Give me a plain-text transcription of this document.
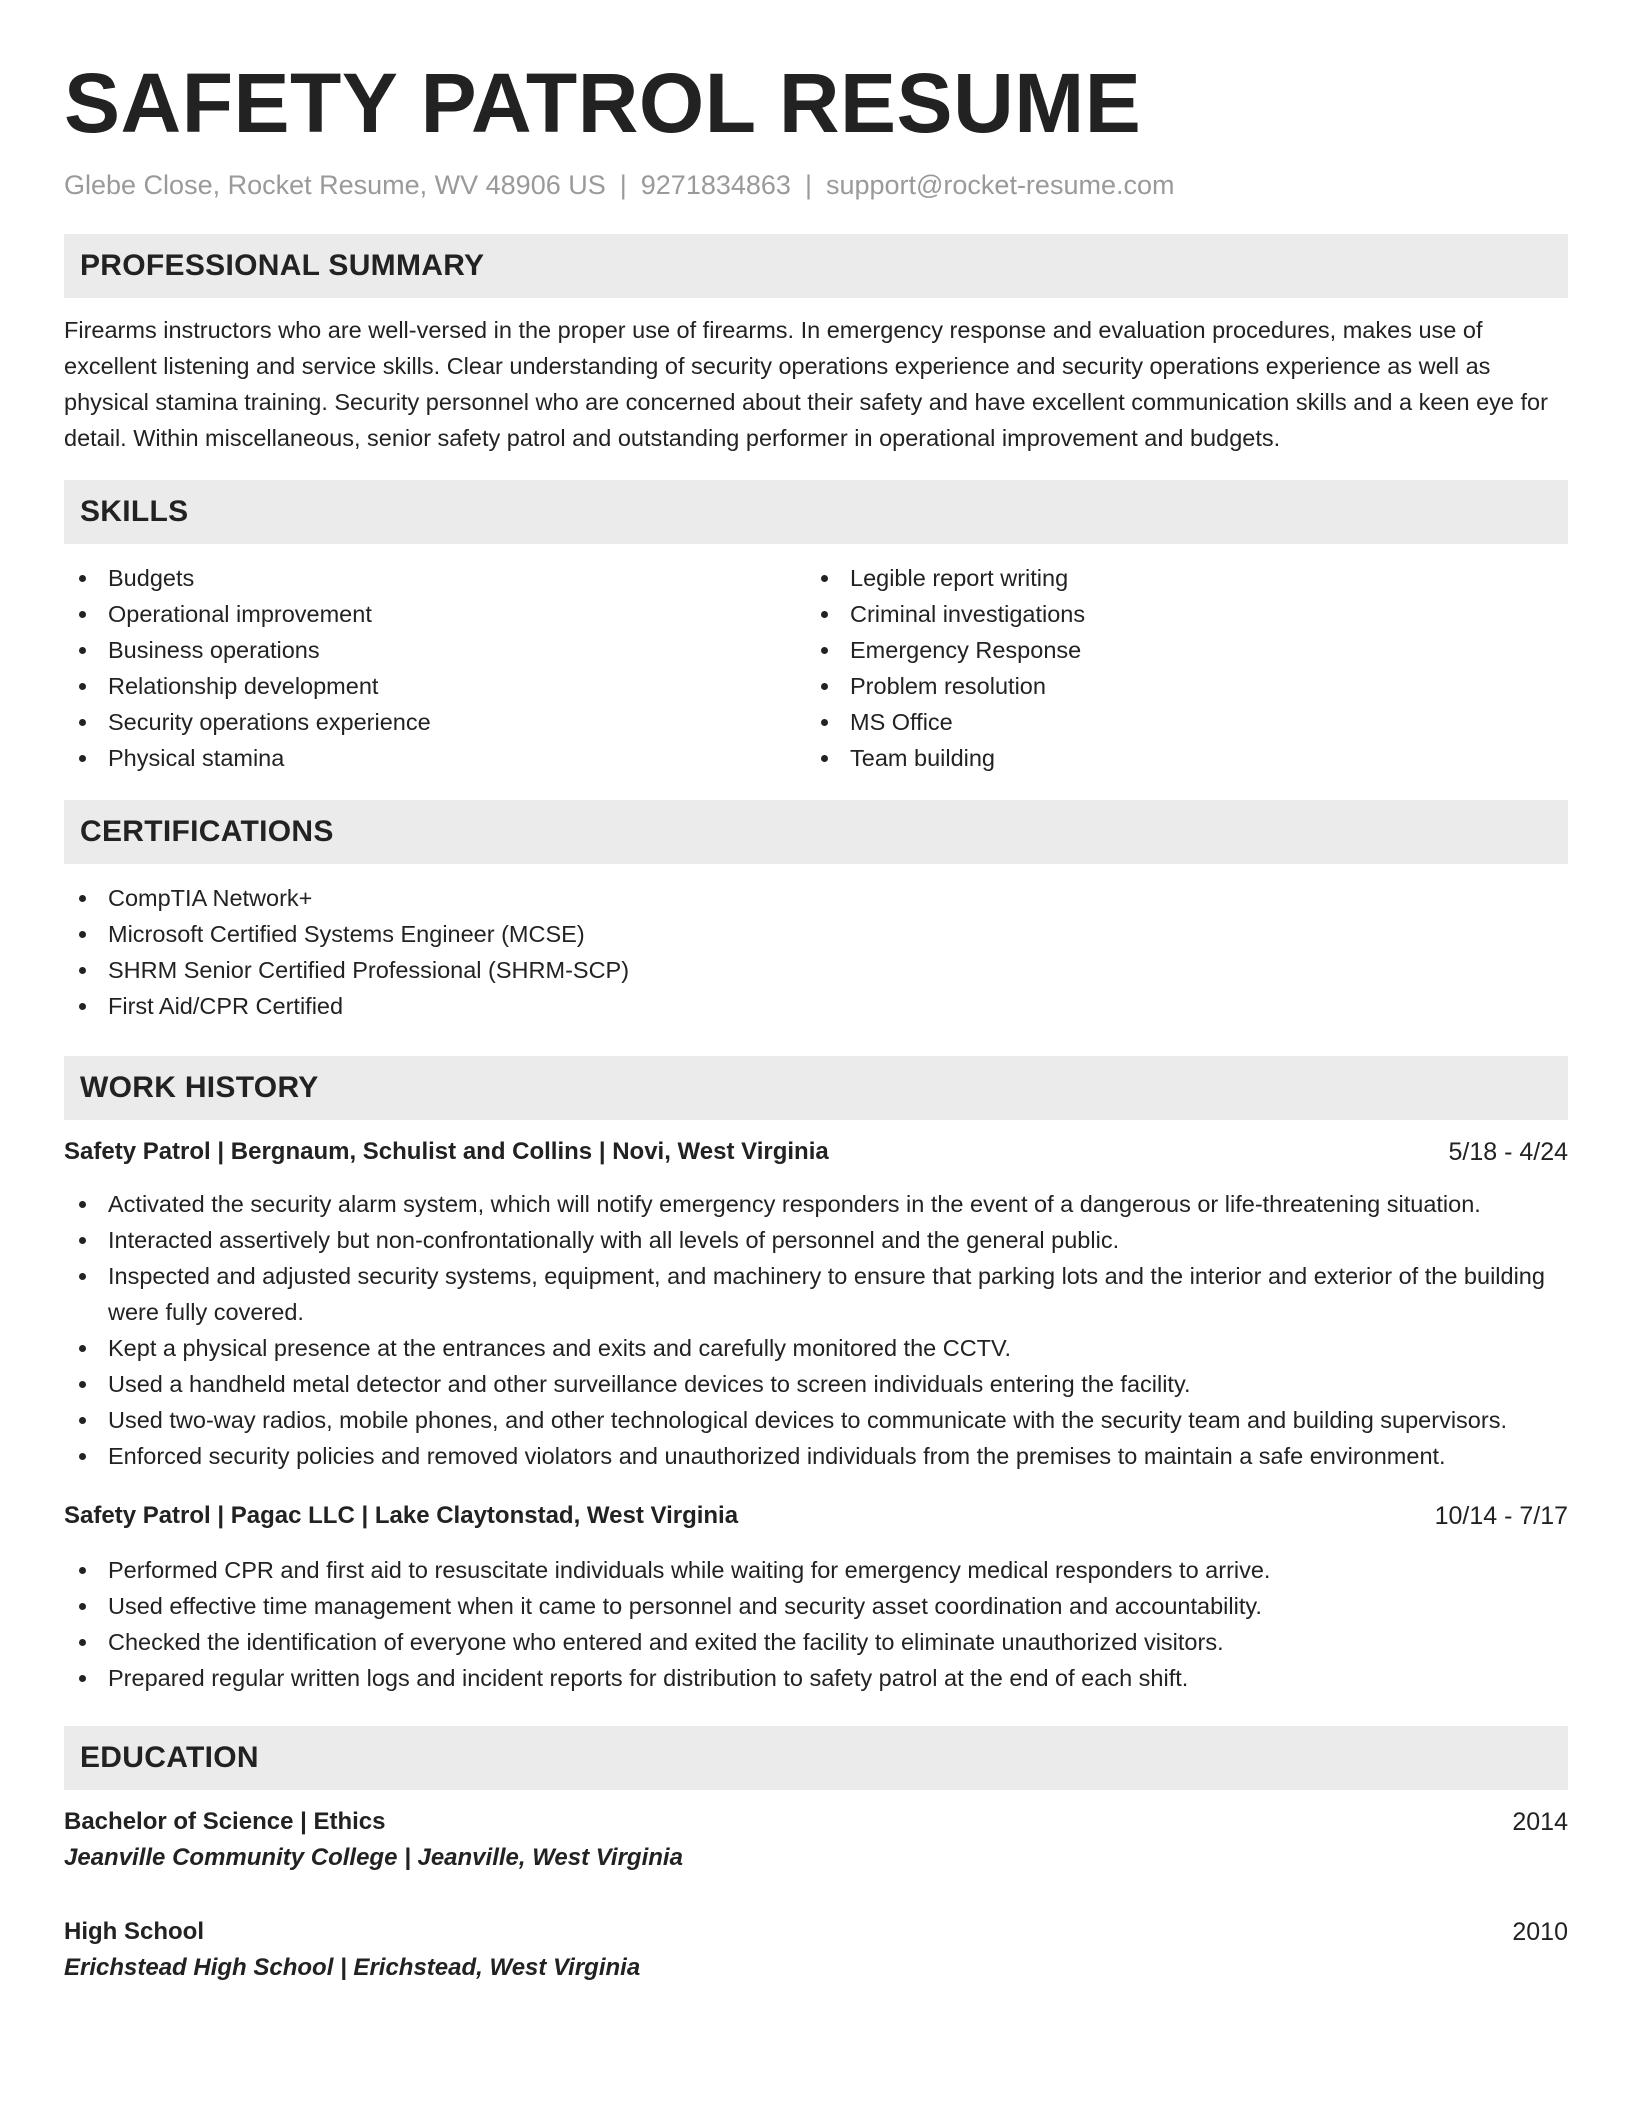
SAFETY PATROL RESUME
Glebe Close, Rocket Resume, WV 48906 US | 9271834863 | support@rocket-resume.com
PROFESSIONAL SUMMARY

Firearms instructors who are well-versed in the proper use of firearms. In emergency response and evaluation procedures, makes use of excellent listening and service skills. Clear understanding of security operations experience and security operations experience as well as physical stamina training. Security personnel who are concerned about their safety and have excellent communication skills and a keen eye for detail. Within miscellaneous, senior safety patrol and outstanding performer in operational improvement and budgets.

SKILLS
Budgets
Operational improvement
Business operations
Relationship development
Security operations experience
Physical stamina
Legible report writing
Criminal investigations
Emergency Response
Problem resolution
MS Office
Team building
CERTIFICATIONS
CompTIA Network+
Microsoft Certified Systems Engineer (MCSE)
SHRM Senior Certified Professional (SHRM-SCP)
First Aid/CPR Certified
WORK HISTORY
Safety Patrol | Bergnaum, Schulist and Collins | Novi, West Virginia	5/18 - 4/24
Activated the security alarm system, which will notify emergency responders in the event of a dangerous or life-threatening situation.
Interacted assertively but non-confrontationally with all levels of personnel and the general public.
Inspected and adjusted security systems, equipment, and machinery to ensure that parking lots and the interior and exterior of the building were fully covered.
Kept a physical presence at the entrances and exits and carefully monitored the CCTV.
Used a handheld metal detector and other surveillance devices to screen individuals entering the facility.
Used two-way radios, mobile phones, and other technological devices to communicate with the security team and building supervisors.
Enforced security policies and removed violators and unauthorized individuals from the premises to maintain a safe environment.
Safety Patrol | Pagac LLC | Lake Claytonstad, West Virginia	10/14 - 7/17
Performed CPR and first aid to resuscitate individuals while waiting for emergency medical responders to arrive.
Used effective time management when it came to personnel and security asset coordination and accountability.
Checked the identification of everyone who entered and exited the facility to eliminate unauthorized visitors.
Prepared regular written logs and incident reports for distribution to safety patrol at the end of each shift.
EDUCATION
Bachelor of Science | Ethics	2014
Jeanville Community College | Jeanville, West Virginia
High School	2010
Erichstead High School | Erichstead, West Virginia
